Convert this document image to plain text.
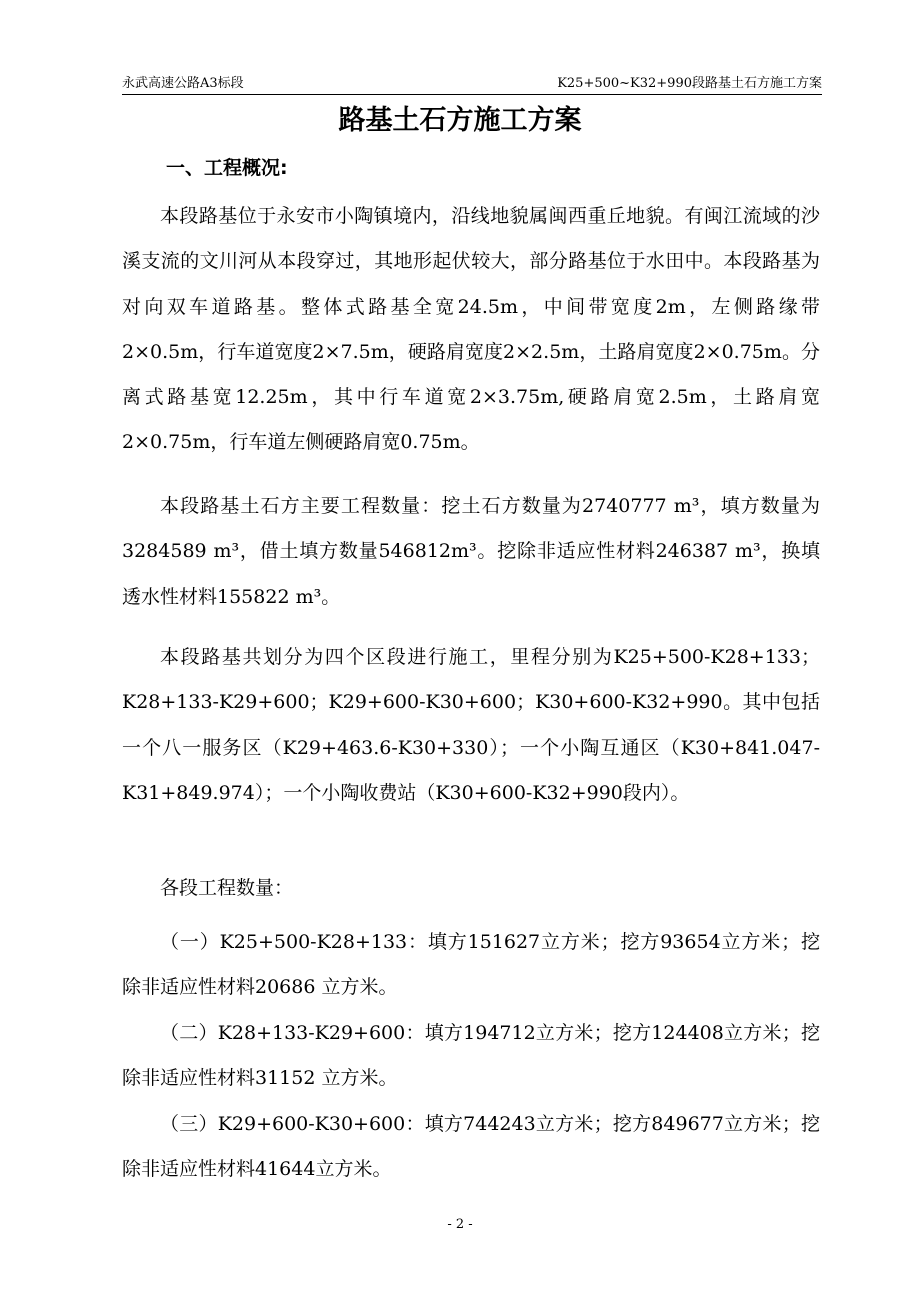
永武高速公路A3标段	K25+500~K32+990段路基土石方施工方案
路基土石方施工方案
一、工程概况:

本段路基位于永安市小陶镇境内，沿线地貌属闽西重丘地貌。有闽江流域的沙溪支流的文川河从本段穿过，其地形起伏较大，部分路基位于水田中。本段路基为对向双车道路基。整体式路基全宽24.5m，中间带宽度2m，左侧路缘带2×0.5m，行车道宽度2×7.5m，硬路肩宽度2×2.5m，土路肩宽度2×0.75m。分离式路基宽12.25m，其中行车道宽2×3.75m,硬路肩宽2.5m，土路肩宽2×0.75m，行车道左侧硬路肩宽0.75m。

本段路基土石方主要工程数量：挖土石方数量为2740777 m³，填方数量为3284589 m³，借土填方数量546812m³。挖除非适应性材料246387 m³，换填透水性材料155822 m³。

本段路基共划分为四个区段进行施工，里程分别为K25+500-K28+133；K28+133-K29+600；K29+600-K30+600；K30+600-K32+990。其中包括一个八一服务区（K29+463.6-K30+330）；一个小陶互通区（K30+841.047-K31+849.974）；一个小陶收费站（K30+600-K32+990段内）。

各段工程数量：

（一）K25+500-K28+133：填方151627立方米；挖方93654立方米；挖除非适应性材料20686 立方米。

（二）K28+133-K29+600：填方194712立方米；挖方124408立方米；挖除非适应性材料31152 立方米。

（三）K29+600-K30+600：填方744243立方米；挖方849677立方米；挖除非适应性材料41644立方米。

- 2 -
